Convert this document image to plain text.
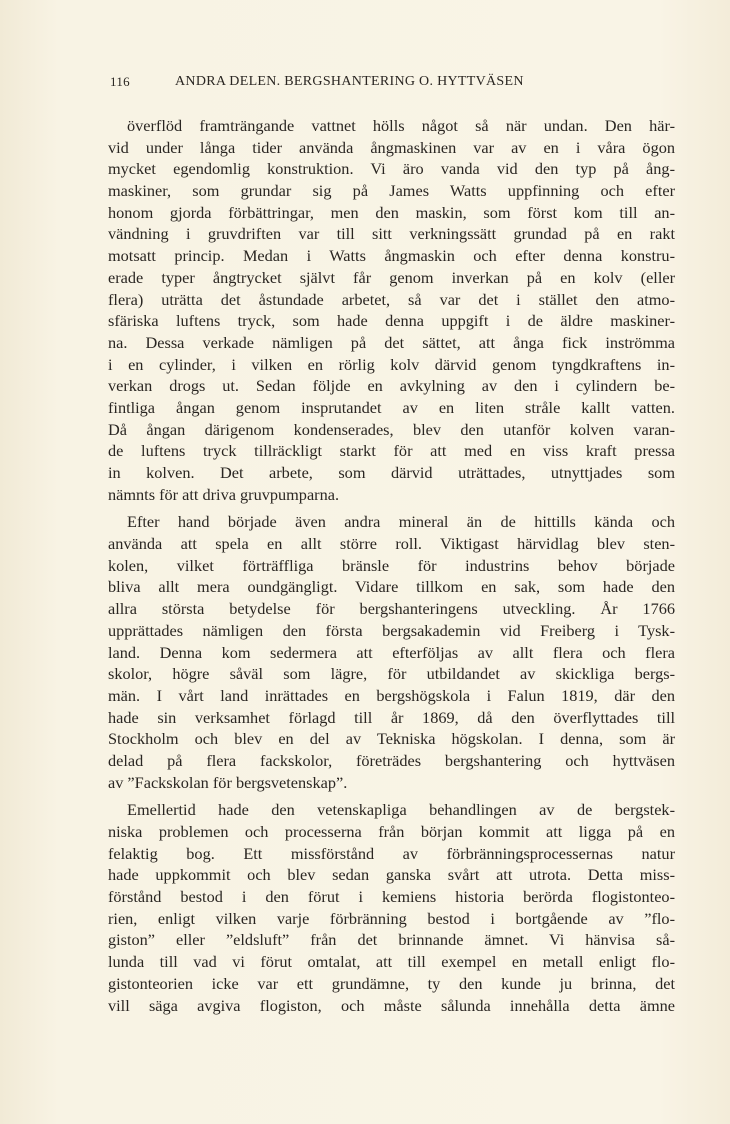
116	ANDRA DELEN. BERGSHANTERING O. HYTTVÄSEN
överflöd framträngande vattnet hölls något så när undan. Den här-
vid under långa tider använda ångmaskinen var av en i våra ögon
mycket egendomlig konstruktion. Vi äro vanda vid den typ på ång-
maskiner, som grundar sig på James Watts uppfinning och efter
honom gjorda förbättringar, men den maskin, som först kom till an-
vändning i gruvdriften var till sitt verkningssätt grundad på en rakt
motsatt princip. Medan i Watts ångmaskin och efter denna konstru-
erade typer ångtrycket självt får genom inverkan på en kolv (eller
flera) uträtta det åstundade arbetet, så var det i stället den atmo-
sfäriska luftens tryck, som hade denna uppgift i de äldre maskiner-
na. Dessa verkade nämligen på det sättet, att ånga fick inströmma
i en cylinder, i vilken en rörlig kolv därvid genom tyngdkraftens in-
verkan drogs ut. Sedan följde en avkylning av den i cylindern be-
fintliga ångan genom insprutandet av en liten stråle kallt vatten.
Då ångan därigenom kondenserades, blev den utanför kolven varan-
de luftens tryck tillräckligt starkt för att med en viss kraft pressa
in kolven. Det arbete, som därvid uträttades, utnyttjades som
nämnts för att driva gruvpumparna.
Efter hand började även andra mineral än de hittills kända och
använda att spela en allt större roll. Viktigast härvidlag blev sten-
kolen, vilket förträffliga bränsle för industrins behov började
bliva allt mera oundgängligt. Vidare tillkom en sak, som hade den
allra största betydelse för bergshanteringens utveckling. År 1766
upprättades nämligen den första bergsakademin vid Freiberg i Tysk-
land. Denna kom sedermera att efterföljas av allt flera och flera
skolor, högre såväl som lägre, för utbildandet av skickliga bergs-
män. I vårt land inrättades en bergshögskola i Falun 1819, där den
hade sin verksamhet förlagd till år 1869, då den överflyttades till
Stockholm och blev en del av Tekniska högskolan. I denna, som är
delad på flera fackskolor, företrädes bergshantering och hyttväsen
av ”Fackskolan för bergsvetenskap”.
Emellertid hade den vetenskapliga behandlingen av de bergstek-
niska problemen och processerna från början kommit att ligga på en
felaktig bog. Ett missförstånd av förbränningsprocessernas natur
hade uppkommit och blev sedan ganska svårt att utrota. Detta miss-
förstånd bestod i den förut i kemiens historia berörda flogistonteo-
rien, enligt vilken varje förbränning bestod i bortgående av ”flo-
giston” eller ”eldsluft” från det brinnande ämnet. Vi hänvisa så-
lunda till vad vi förut omtalat, att till exempel en metall enligt flo-
gistonteorien icke var ett grundämne, ty den kunde ju brinna, det
vill säga avgiva flogiston, och måste sålunda innehålla detta ämne
